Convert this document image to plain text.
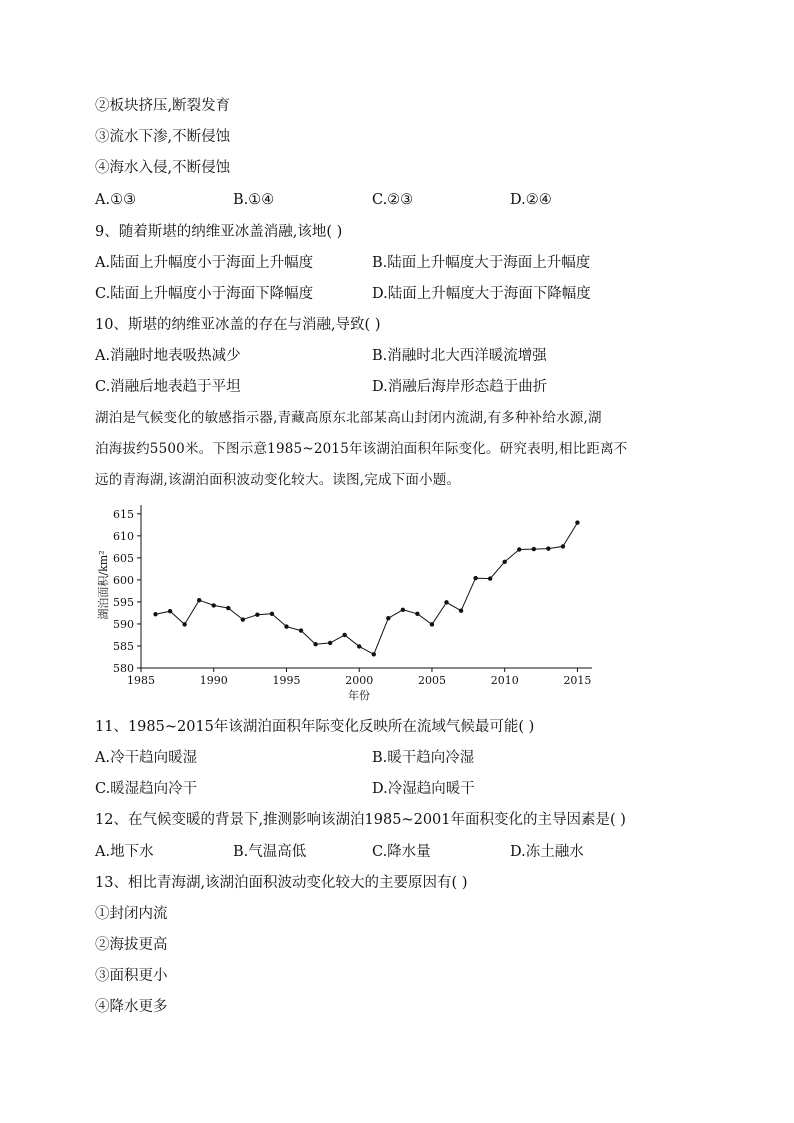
②板块挤压,断裂发育
③流水下渗,不断侵蚀
④海水入侵,不断侵蚀
A.①③	B.①④	C.②③	D.②④
9、随着斯堪的纳维亚冰盖消融,该地( )
A.陆面上升幅度小于海面上升幅度	B.陆面上升幅度大于海面上升幅度
C.陆面上升幅度小于海面下降幅度	D.陆面上升幅度大于海面下降幅度
10、斯堪的纳维亚冰盖的存在与消融,导致( )
A.消融时地表吸热减少	B.消融时北大西洋暖流增强
C.消融后地表趋于平坦	D.消融后海岸形态趋于曲折

湖泊是气候变化的敏感指示器,青藏高原东北部某高山封闭内流湖,有多种补给水源,湖

泊海拔约5500米。下图示意1985~2015年该湖泊面积年际变化。研究表明,相比距离不

远的青海湖,该湖泊面积波动变化较大。读图,完成下面小题。

580
585
590
595
600
605
610
615
1985	1990	1995	2000	2005	2010	2015
湖泊面积/km²
年份
11、1985~2015年该湖泊面积年际变化反映所在流域气候最可能( )
A.冷干趋向暖湿	B.暖干趋向冷湿
C.暖湿趋向冷干	D.冷湿趋向暖干
12、在气候变暖的背景下,推测影响该湖泊1985~2001年面积变化的主导因素是( )
A.地下水	B.气温高低	C.降水量	D.冻土融水
13、相比青海湖,该湖泊面积波动变化较大的主要原因有( )
①封闭内流
②海拔更高
③面积更小
④降水更多
